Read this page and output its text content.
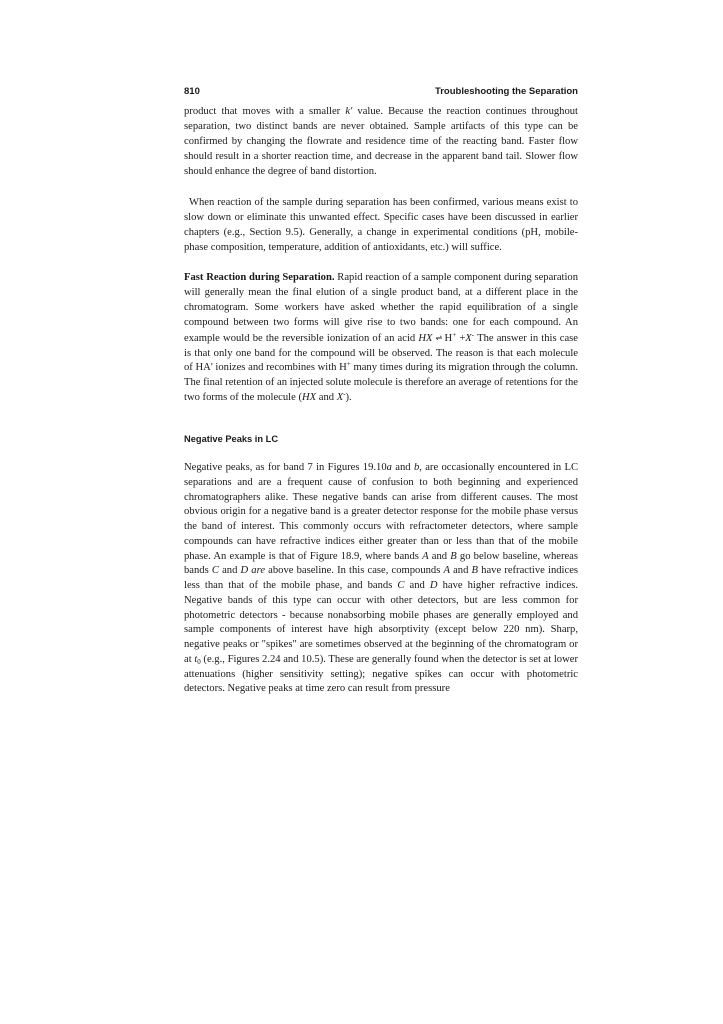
810	Troubleshooting the Separation

product that moves with a smaller k' value. Because the reaction continues throughout separation, two distinct bands are never obtained. Sample artifacts of this type can be confirmed by changing the flowrate and residence time of the reacting band. Faster flow should result in a shorter reaction time, and decrease in the apparent band tail. Slower flow should enhance the degree of band distortion.

When reaction of the sample during separation has been confirmed, various means exist to slow down or eliminate this unwanted effect. Specific cases have been discussed in earlier chapters (e.g., Section 9.5). Generally, a change in experimental conditions (pH, mobile-phase composition, temperature, addition of antioxidants, etc.) will suffice.

Fast Reaction during Separation. Rapid reaction of a sample component during separation will generally mean the final elution of a single product band, at a different place in the chromatogram. Some workers have asked whether the rapid equilibration of a single compound between two forms will give rise to two bands: one for each compound. An example would be the reversible ionization of an acid HX ⇌ H+ +X- The answer in this case is that only one band for the compound will be observed. The reason is that each molecule of HA' ionizes and recombines with H+ many times during its migration through the column. The final retention of an injected solute molecule is therefore an average of retentions for the two forms of the molecule (HX and X-).

Negative Peaks in LC

Negative peaks, as for band 7 in Figures 19.10a and b, are occasionally encountered in LC separations and are a frequent cause of confusion to both beginning and experienced chromatographers alike. These negative bands can arise from different causes. The most obvious origin for a negative band is a greater detector response for the mobile phase versus the band of interest. This commonly occurs with refractometer detectors, where sample compounds can have refractive indices either greater than or less than that of the mobile phase. An example is that of Figure 18.9, where bands A and B go below baseline, whereas bands C and D are above baseline. In this case, compounds A and B have refractive indices less than that of the mobile phase, and bands C and D have higher refractive indices. Negative bands of this type can occur with other detectors, but are less common for photometric detectors - because nonabsorbing mobile phases are generally employed and sample components of interest have high absorptivity (except below 220 nm). Sharp, negative peaks or "spikes" are sometimes observed at the beginning of the chromatogram or at $t_0$ (e.g., Figures 2.24 and 10.5). These are generally found when the detector is set at lower attenuations (higher sensitivity setting); negative spikes can occur with photometric detectors. Negative peaks at time zero can result from pressure
